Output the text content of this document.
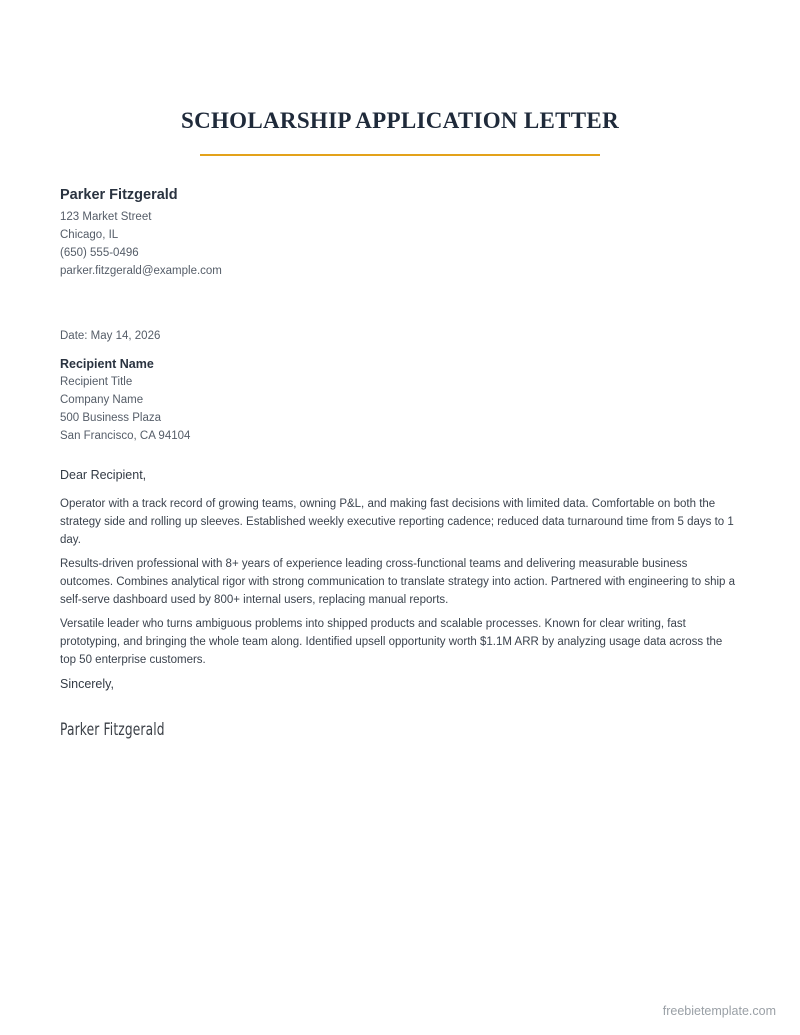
SCHOLARSHIP APPLICATION LETTER
Parker Fitzgerald
123 Market Street
Chicago, IL
(650) 555-0496
parker.fitzgerald@example.com
Date: May 14, 2026
Recipient Name
Recipient Title
Company Name
500 Business Plaza
San Francisco, CA 94104
Dear Recipient,

Operator with a track record of growing teams, owning P&L, and making fast decisions with limited data. Comfortable on both the strategy side and rolling up sleeves. Established weekly executive reporting cadence; reduced data turnaround time from 5 days to 1 day.

Results-driven professional with 8+ years of experience leading cross-functional teams and delivering measurable business outcomes. Combines analytical rigor with strong communication to translate strategy into action. Partnered with engineering to ship a self-serve dashboard used by 800+ internal users, replacing manual reports.

Versatile leader who turns ambiguous problems into shipped products and scalable processes. Known for clear writing, fast prototyping, and bringing the whole team along. Identified upsell opportunity worth $1.1M ARR by analyzing usage data across the top 50 enterprise customers.

Sincerely,
Parker Fitzgerald
freebietemplate.com
